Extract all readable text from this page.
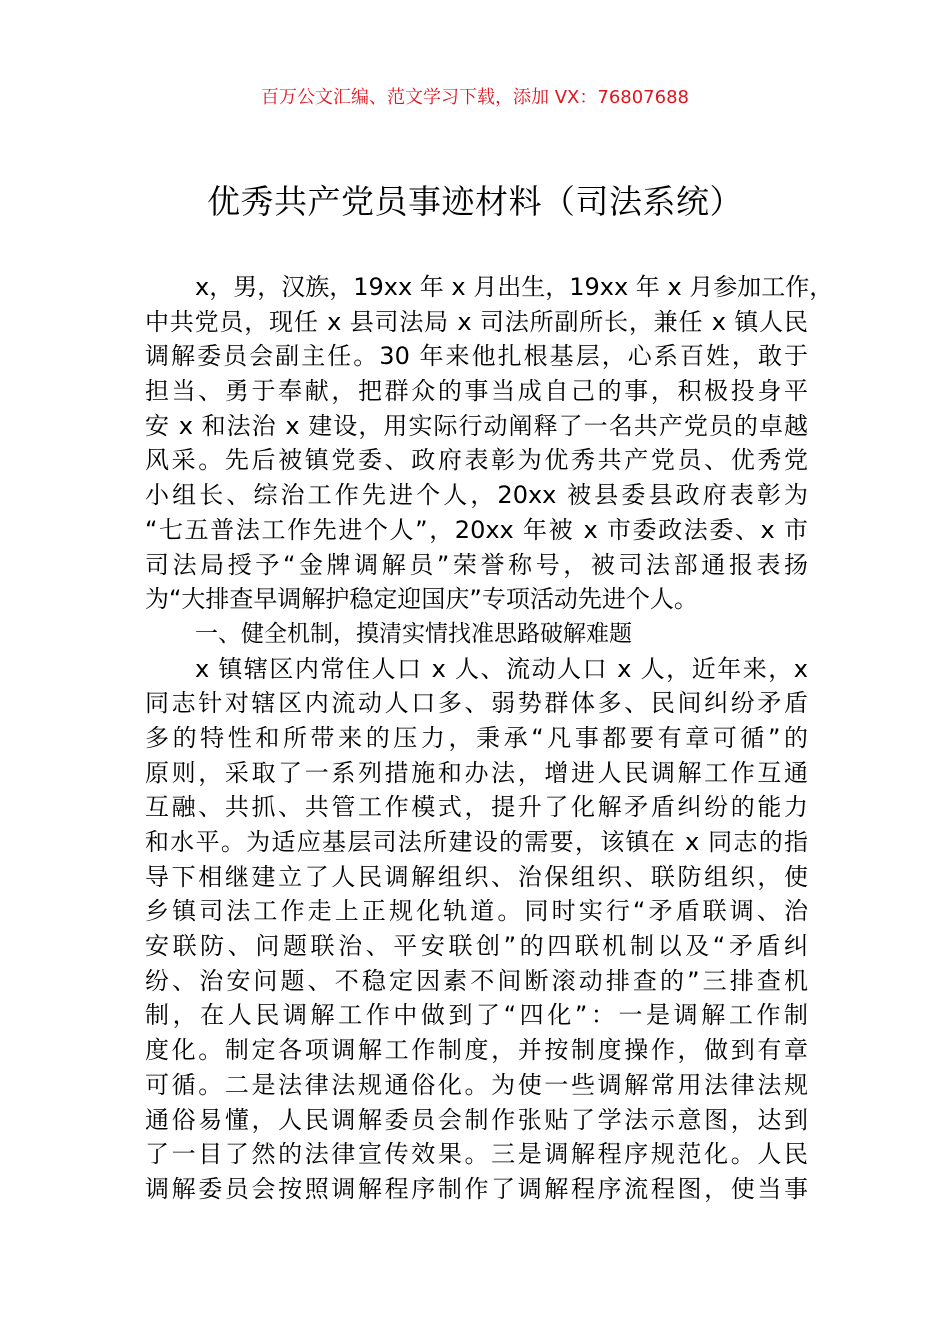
百万公文汇编、范文学习下载，添加 VX：76807688
优秀共产党员事迹材料（司法系统）
x，男，汉族，19xx 年 x 月出生，19xx 年 x 月参加工作，
中共党员，现任 x 县司法局 x 司法所副所长，兼任 x 镇人民
调解委员会副主任。30 年来他扎根基层，心系百姓，敢于
担当、勇于奉献，把群众的事当成自己的事，积极投身平
安 x 和法治 x 建设，用实际行动阐释了一名共产党员的卓越
风采。先后被镇党委、政府表彰为优秀共产党员、优秀党
小组长、综治工作先进个人，20xx 被县委县政府表彰为
“七五普法工作先进个人”，20xx 年被 x 市委政法委、x 市
司法局授予“金牌调解员”荣誉称号，被司法部通报表扬
为“大排查早调解护稳定迎国庆”专项活动先进个人。
一、健全机制，摸清实情找准思路破解难题
x 镇辖区内常住人口 x 人、流动人口 x 人，近年来，x
同志针对辖区内流动人口多、弱势群体多、民间纠纷矛盾
多的特性和所带来的压力，秉承“凡事都要有章可循”的
原则，采取了一系列措施和办法，增进人民调解工作互通
互融、共抓、共管工作模式，提升了化解矛盾纠纷的能力
和水平。为适应基层司法所建设的需要，该镇在 x 同志的指
导下相继建立了人民调解组织、治保组织、联防组织，使
乡镇司法工作走上正规化轨道。同时实行“矛盾联调、治
安联防、问题联治、平安联创”的四联机制以及“矛盾纠
纷、治安问题、不稳定因素不间断滚动排查的”三排查机
制，在人民调解工作中做到了“四化”：一是调解工作制
度化。制定各项调解工作制度，并按制度操作，做到有章
可循。二是法律法规通俗化。为使一些调解常用法律法规
通俗易懂，人民调解委员会制作张贴了学法示意图，达到
了一目了然的法律宣传效果。三是调解程序规范化。人民
调解委员会按照调解程序制作了调解程序流程图，使当事
